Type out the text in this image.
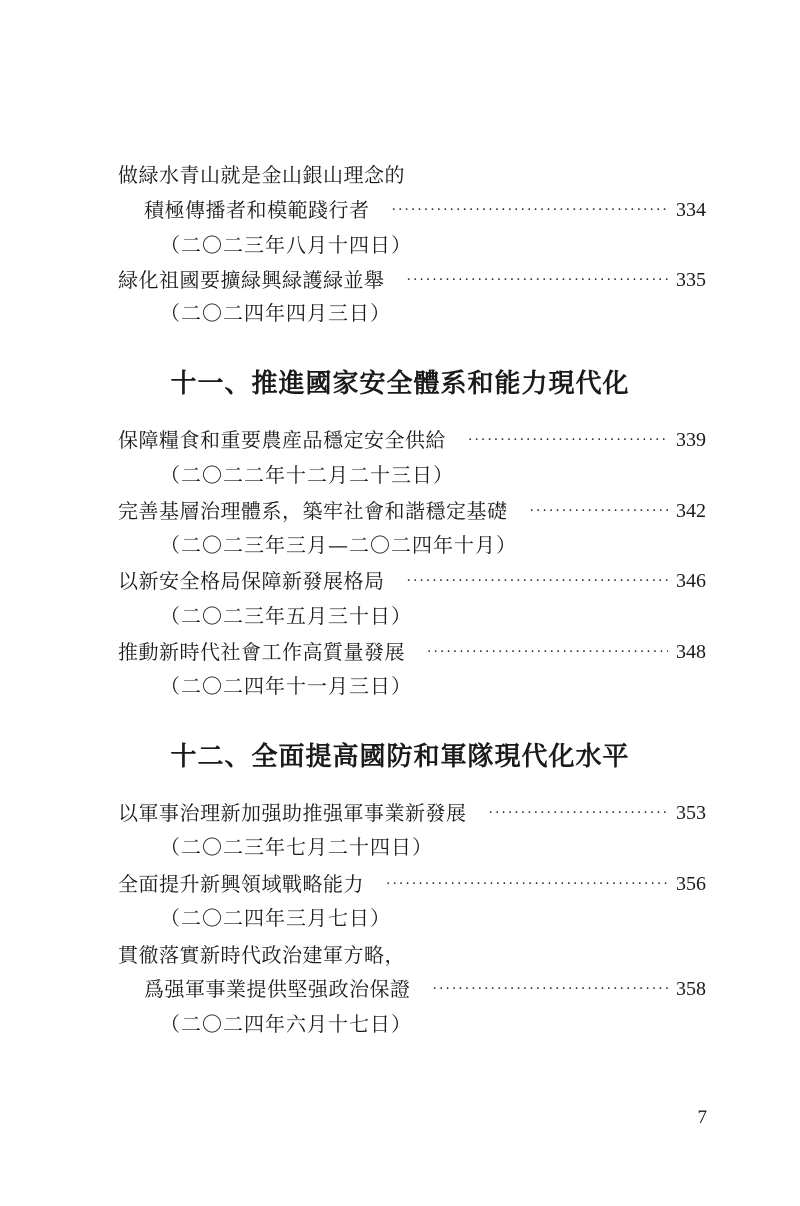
做緑水青山就是金山銀山理念的
積極傳播者和模範踐行者 ·····	334
（二〇二三年八月十四日）
緑化祖國要擴緑興緑護緑並舉 ·····	335
（二〇二四年四月三日）
十一、推進國家安全體系和能力現代化
保障糧食和重要農産品穩定安全供給 ·····	339
（二〇二二年十二月二十三日）
完善基層治理體系，築牢社會和諧穩定基礎 ·····	342
（二〇二三年三月—二〇二四年十月）
以新安全格局保障新發展格局 ·····	346
（二〇二三年五月三十日）
推動新時代社會工作高質量發展 ·····	348
（二〇二四年十一月三日）
十二、全面提高國防和軍隊現代化水平
以軍事治理新加强助推强軍事業新發展 ·····	353
（二〇二三年七月二十四日）
全面提升新興領域戰略能力 ·····	356
（二〇二四年三月七日）
貫徹落實新時代政治建軍方略，
爲强軍事業提供堅强政治保證 ·····	358
（二〇二四年六月十七日）
7
